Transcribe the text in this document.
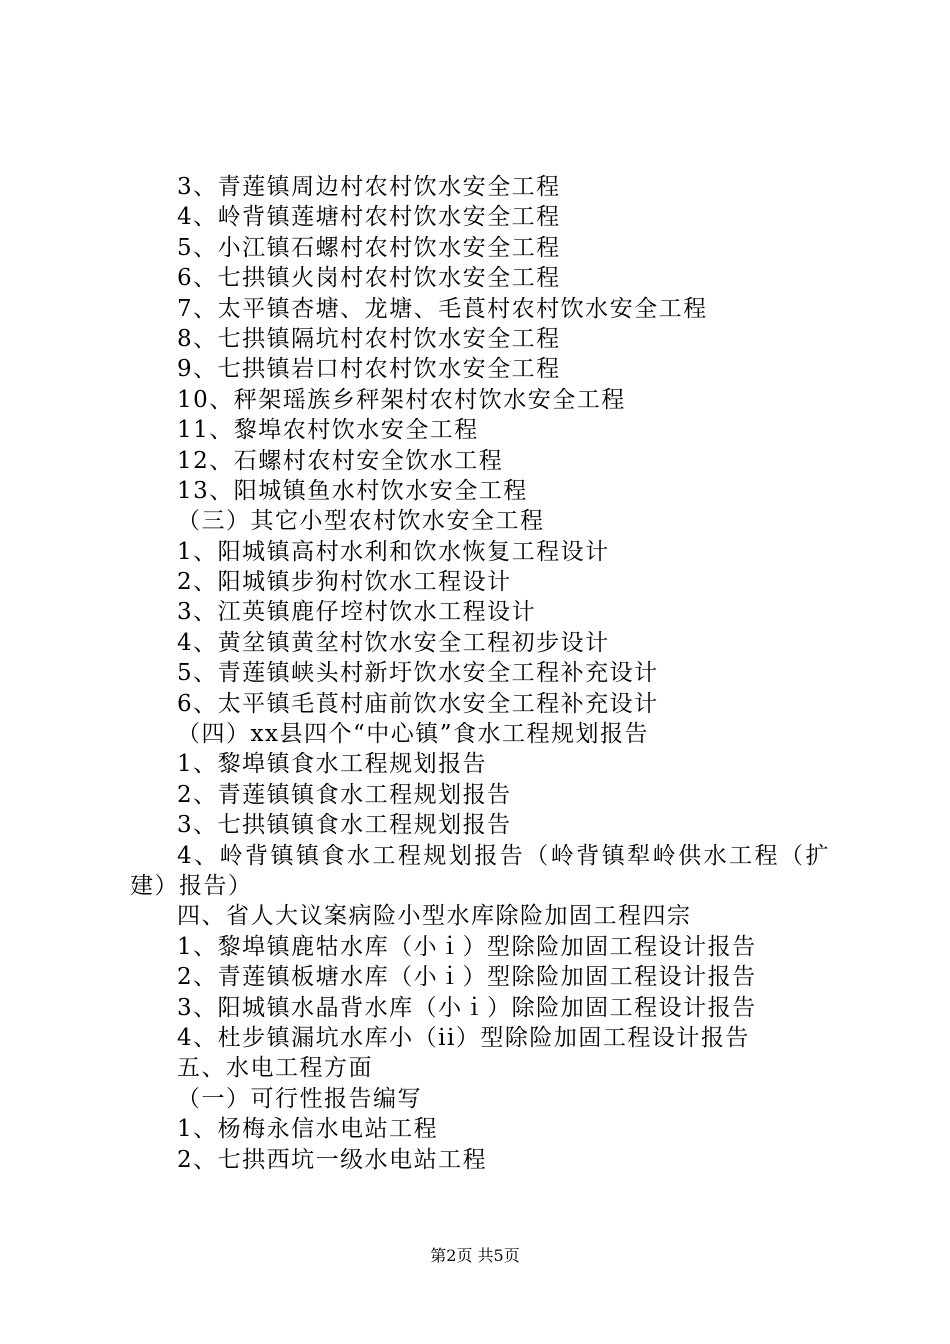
3、青莲镇周边村农村饮水安全工程
4、岭背镇莲塘村农村饮水安全工程
5、小江镇石螺村农村饮水安全工程
6、七拱镇火岗村农村饮水安全工程
7、太平镇杏塘、龙塘、毛莨村农村饮水安全工程
8、七拱镇隔坑村农村饮水安全工程
9、七拱镇岩口村农村饮水安全工程
10、秤架瑶族乡秤架村农村饮水安全工程
11、黎埠农村饮水安全工程
12、石螺村农村安全饮水工程
13、阳城镇鱼水村饮水安全工程
（三）其它小型农村饮水安全工程
1、阳城镇高村水利和饮水恢复工程设计
2、阳城镇步狗村饮水工程设计
3、江英镇鹿仔埪村饮水工程设计
4、黄坌镇黄坌村饮水安全工程初步设计
5、青莲镇峡头村新圩饮水安全工程补充设计
6、太平镇毛莨村庙前饮水安全工程补充设计
（四）xx县四个“中心镇”食水工程规划报告
1、黎埠镇食水工程规划报告
2、青莲镇镇食水工程规划报告
3、七拱镇镇食水工程规划报告
4、岭背镇镇食水工程规划报告（岭背镇犁岭供水工程（扩建）报告）
四、省人大议案病险小型水库除险加固工程四宗
1、黎埠镇鹿牯水库（小ｉ）型除险加固工程设计报告
2、青莲镇板塘水库（小ｉ）型除险加固工程设计报告
3、阳城镇水晶背水库（小ｉ）除险加固工程设计报告
4、杜步镇漏坑水库小（ii）型除险加固工程设计报告
五、水电工程方面
（一）可行性报告编写
1、杨梅永信水电站工程
2、七拱西坑一级水电站工程
第2页 共5页
